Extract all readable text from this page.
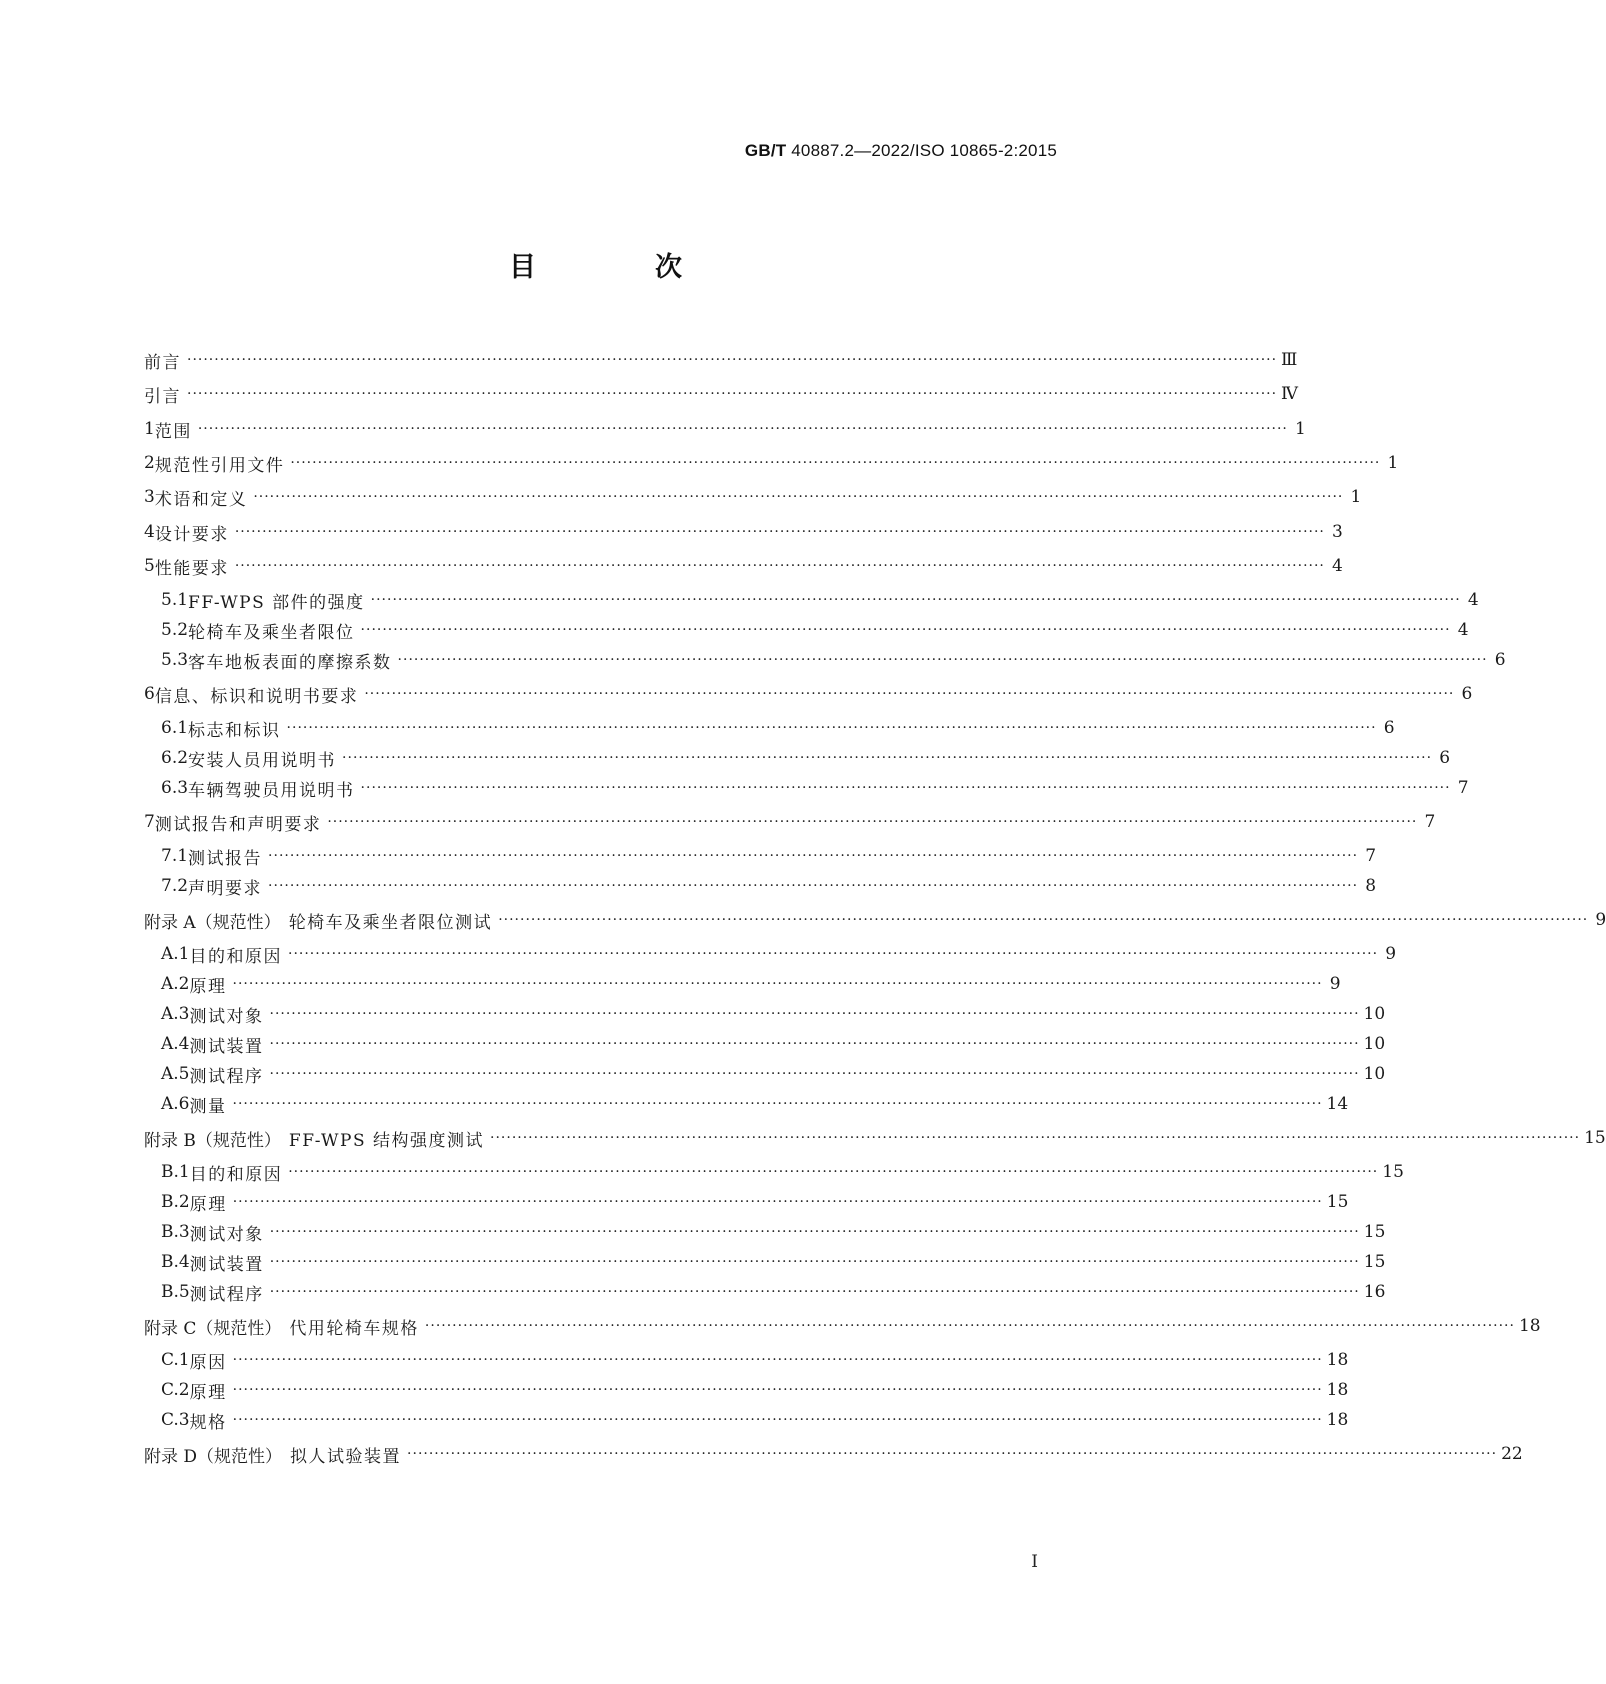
GB/T 40887.2—2022/ISO 10865-2:2015
目　次
前言 ········································································································································································································ Ⅲ
引言 ········································································································································································································ Ⅳ
1 范围 ········································································································································································································ 1
2 规范性引用文件 ········································································································································································································ 1
3 术语和定义 ········································································································································································································ 1
4 设计要求 ········································································································································································································ 3
5 性能要求 ········································································································································································································ 4
5.1 FF-WPS 部件的强度 ········································································································································································································ 4
5.2 轮椅车及乘坐者限位 ········································································································································································································ 4
5.3 客车地板表面的摩擦系数 ········································································································································································································ 6
6 信息、标识和说明书要求 ········································································································································································································ 6
6.1 标志和标识 ········································································································································································································ 6
6.2 安装人员用说明书 ········································································································································································································ 6
6.3 车辆驾驶员用说明书 ········································································································································································································ 7
7 测试报告和声明要求 ········································································································································································································ 7
7.1 测试报告 ········································································································································································································ 7
7.2 声明要求 ········································································································································································································ 8
附录 A（规范性） 轮椅车及乘坐者限位测试 ········································································································································································································ 9
A.1 目的和原因 ········································································································································································································ 9
A.2 原理 ········································································································································································································ 9
A.3 测试对象 ········································································································································································································ 10
A.4 测试装置 ········································································································································································································ 10
A.5 测试程序 ········································································································································································································ 10
A.6 测量 ········································································································································································································ 14
附录 B（规范性） FF-WPS 结构强度测试 ········································································································································································································ 15
B.1 目的和原因 ········································································································································································································ 15
B.2 原理 ········································································································································································································ 15
B.3 测试对象 ········································································································································································································ 15
B.4 测试装置 ········································································································································································································ 15
B.5 测试程序 ········································································································································································································ 16
附录 C（规范性） 代用轮椅车规格 ········································································································································································································ 18
C.1 原因 ········································································································································································································ 18
C.2 原理 ········································································································································································································ 18
C.3 规格 ········································································································································································································ 18
附录 D（规范性） 拟人试验装置 ········································································································································································································ 22
I
